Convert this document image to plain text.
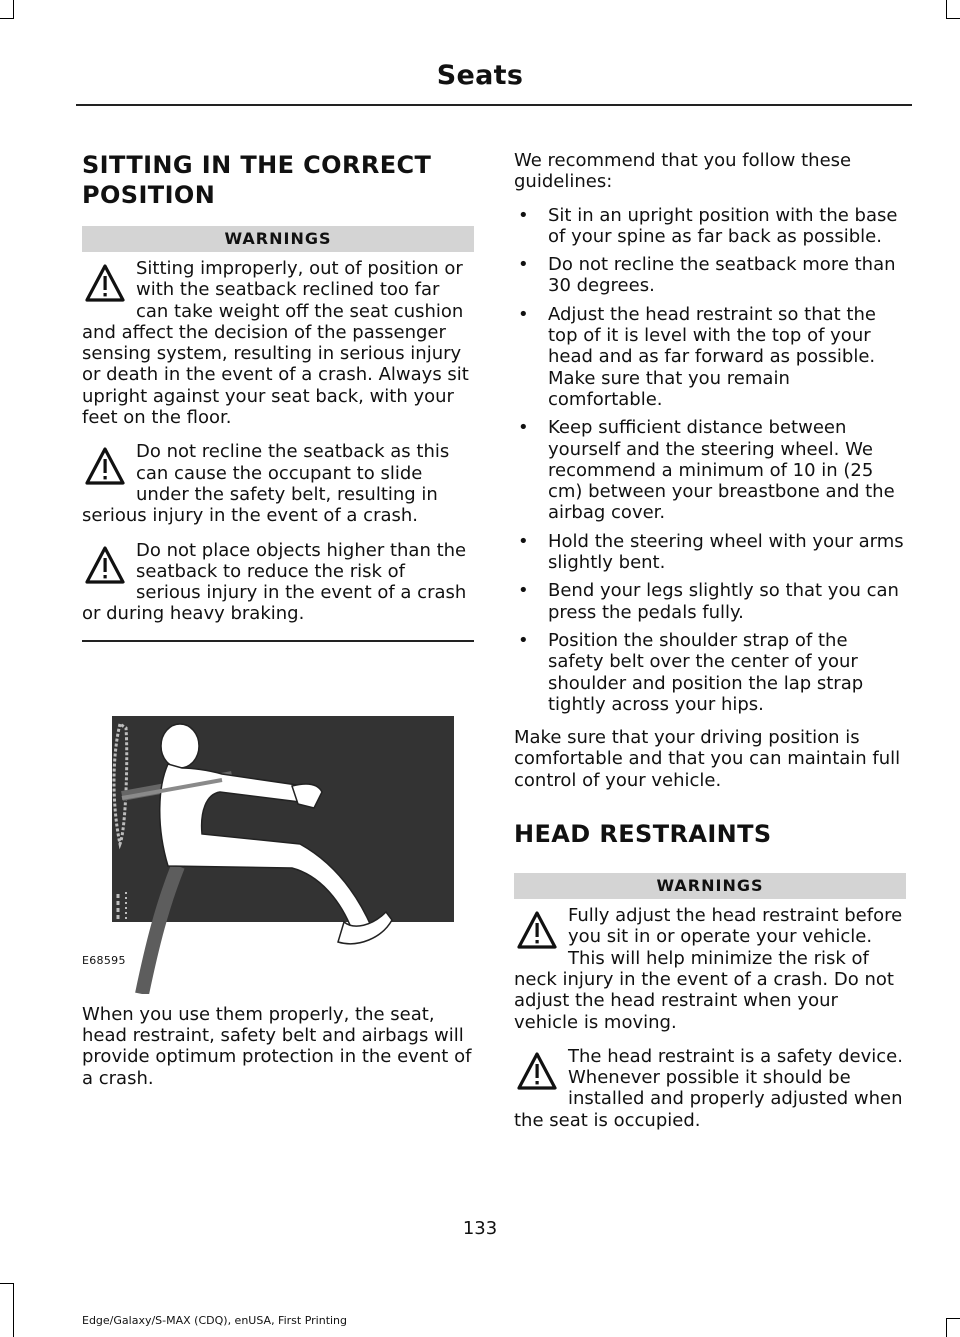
Seats
SITTING IN THE CORRECT
POSITION
WARNINGS

Sitting improperly, out of position or with the seatback reclined too far can take weight off the seat cushion and affect the decision of the passenger sensing system, resulting in serious injury or death in the event of a crash. Always sit upright against your seat back, with your feet on the floor.

Do not recline the seatback as this can cause the occupant to slide under the safety belt, resulting in serious injury in the event of a crash.

Do not place objects higher than the seatback to reduce the risk of serious injury in the event of a crash or during heavy braking.

E68595

When you use them properly, the seat, head restraint, safety belt and airbags will provide optimum protection in the event of a crash.

We recommend that you follow these guidelines:

• Sit in an upright position with the base of your spine as far back as possible.
• Do not recline the seatback more than 30 degrees.
• Adjust the head restraint so that the top of it is level with the top of your head and as far forward as possible. Make sure that you remain comfortable.
• Keep sufficient distance between yourself and the steering wheel. We recommend a minimum of 10 in (25 cm) between your breastbone and the airbag cover.
• Hold the steering wheel with your arms slightly bent.
• Bend your legs slightly so that you can press the pedals fully.
• Position the shoulder strap of the safety belt over the center of your shoulder and position the lap strap tightly across your hips.

Make sure that your driving position is comfortable and that you can maintain full control of your vehicle.

HEAD RESTRAINTS
WARNINGS

Fully adjust the head restraint before you sit in or operate your vehicle. This will help minimize the risk of neck injury in the event of a crash. Do not adjust the head restraint when your vehicle is moving.

The head restraint is a safety device. Whenever possible it should be installed and properly adjusted when the seat is occupied.

133
Edge/Galaxy/S-MAX (CDQ), enUSA, First Printing
